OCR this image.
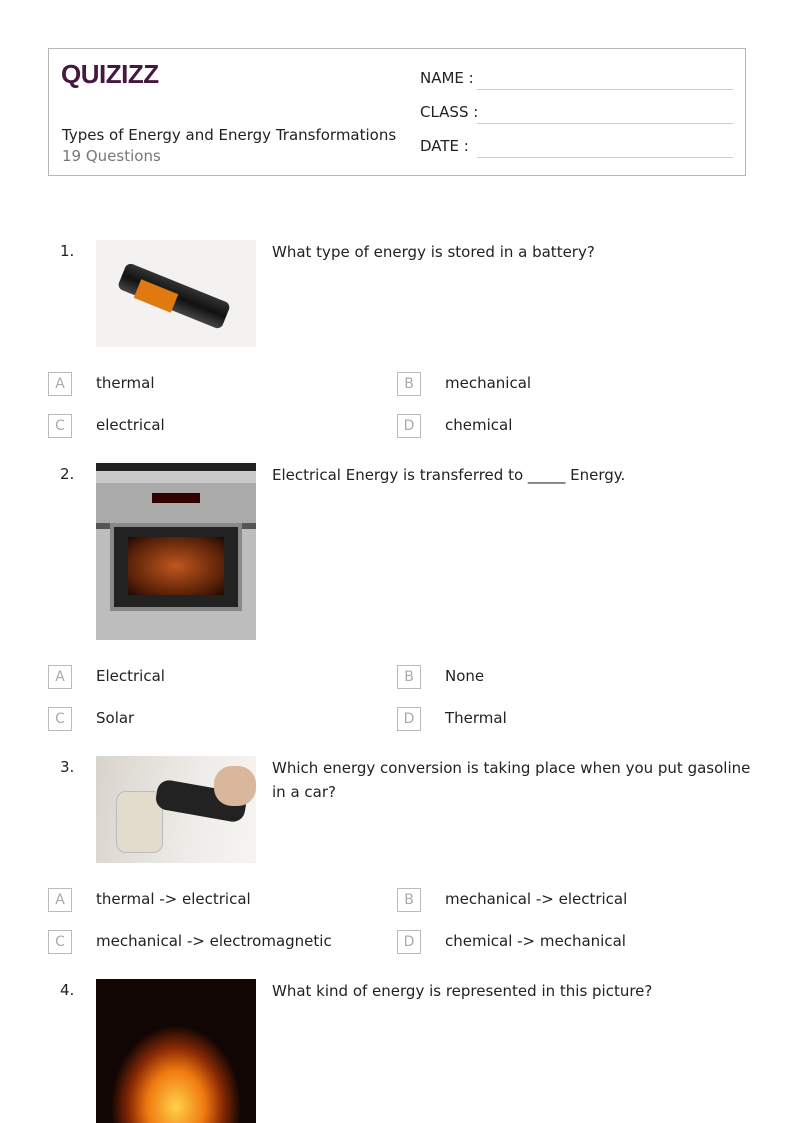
QUIZIZZ
Types of Energy and Energy Transformations
19 Questions
NAME :
CLASS :
DATE :
1.	What type of energy is stored in a battery?
A	thermal	B	mechanical
C	electrical	D	chemical
2.	Electrical Energy is transferred to _____ Energy.
A	Electrical	B	None
C	Solar	D	Thermal
3.	Which energy conversion is taking place when you put gasoline in a car?
A	thermal -> electrical	B	mechanical -> electrical
C	mechanical -> electromagnetic	D	chemical -> mechanical
4.	What kind of energy is represented in this picture?
